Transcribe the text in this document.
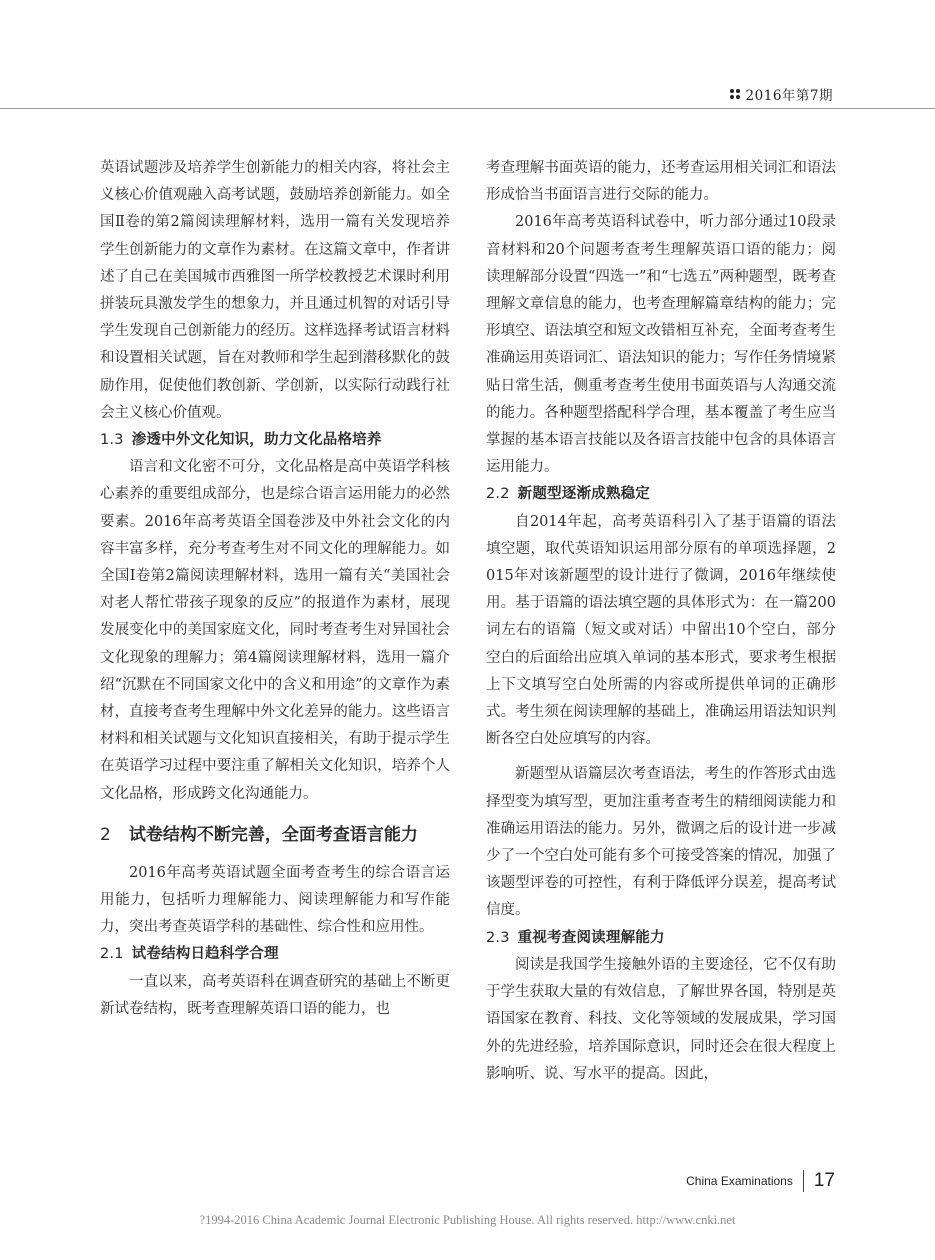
2016年第7期

英语试题涉及培养学生创新能力的相关内容，将社会主义核心价值观融入高考试题，鼓励培养创新能力。如全国Ⅱ卷的第2篇阅读理解材料，选用一篇有关发现培养学生创新能力的文章作为素材。在这篇文章中，作者讲述了自己在美国城市西雅图一所学校教授艺术课时利用拼装玩具激发学生的想象力，并且通过机智的对话引导学生发现自己创新能力的经历。这样选择考试语言材料和设置相关试题，旨在对教师和学生起到潜移默化的鼓励作用，促使他们教创新、学创新，以实际行动践行社会主义核心价值观。

1.3 渗透中外文化知识，助力文化品格培养

语言和文化密不可分，文化品格是高中英语学科核心素养的重要组成部分，也是综合语言运用能力的必然要素。2016年高考英语全国卷涉及中外社会文化的内容丰富多样，充分考查考生对不同文化的理解能力。如全国Ⅰ卷第2篇阅读理解材料，选用一篇有关“美国社会对老人帮忙带孩子现象的反应”的报道作为素材，展现发展变化中的美国家庭文化，同时考查考生对异国社会文化现象的理解力；第4篇阅读理解材料，选用一篇介绍“沉默在不同国家文化中的含义和用途”的文章作为素材，直接考查考生理解中外文化差异的能力。这些语言材料和相关试题与文化知识直接相关，有助于提示学生在英语学习过程中要注重了解相关文化知识，培养个人文化品格，形成跨文化沟通能力。

2 试卷结构不断完善，全面考查语言能力

2016年高考英语试题全面考查考生的综合语言运用能力，包括听力理解能力、阅读理解能力和写作能力，突出考查英语学科的基础性、综合性和应用性。

2.1 试卷结构日趋科学合理

一直以来，高考英语科在调查研究的基础上不断更新试卷结构，既考查理解英语口语的能力，也

考查理解书面英语的能力，还考查运用相关词汇和语法形成恰当书面语言进行交际的能力。

2016年高考英语科试卷中，听力部分通过10段录音材料和20个问题考查考生理解英语口语的能力；阅读理解部分设置“四选一”和“七选五”两种题型，既考查理解文章信息的能力，也考查理解篇章结构的能力；完形填空、语法填空和短文改错相互补充，全面考查考生准确运用英语词汇、语法知识的能力；写作任务情境紧贴日常生活，侧重考查考生使用书面英语与人沟通交流的能力。各种题型搭配科学合理，基本覆盖了考生应当掌握的基本语言技能以及各语言技能中包含的具体语言运用能力。

2.2 新题型逐渐成熟稳定

自2014年起，高考英语科引入了基于语篇的语法填空题，取代英语知识运用部分原有的单项选择题，2015年对该新题型的设计进行了微调，2016年继续使用。基于语篇的语法填空题的具体形式为：在一篇200词左右的语篇（短文或对话）中留出10个空白，部分空白的后面给出应填入单词的基本形式，要求考生根据上下文填写空白处所需的内容或所提供单词的正确形式。考生须在阅读理解的基础上，准确运用语法知识判断各空白处应填写的内容。

新题型从语篇层次考查语法，考生的作答形式由选择型变为填写型，更加注重考查考生的精细阅读能力和准确运用语法的能力。另外，微调之后的设计进一步减少了一个空白处可能有多个可接受答案的情况，加强了该题型评卷的可控性，有利于降低评分误差，提高考试信度。

2.3 重视考查阅读理解能力

阅读是我国学生接触外语的主要途径，它不仅有助于学生获取大量的有效信息，了解世界各国，特别是英语国家在教育、科技、文化等领域的发展成果，学习国外的先进经验，培养国际意识，同时还会在很大程度上影响听、说、写水平的提高。因此，

China Examinations 17
?1994-2016 China Academic Journal Electronic Publishing House. All rights reserved. http://www.cnki.net
